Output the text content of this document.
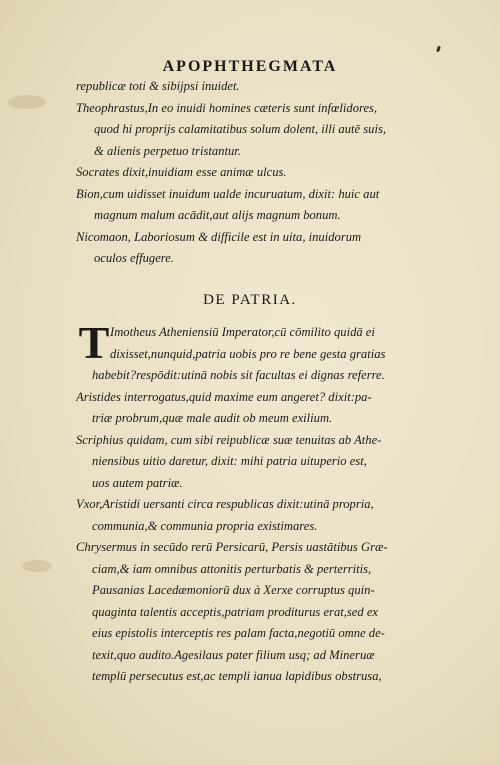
APOPHTHEGMATA
republicæ toti & sibijpsi inuidet.
Theophrastus,In eo inuidi homines cæteris sunt infœlidores,
quod hi proprijs calamitatibus solum dolent, illi autē suis,
& alienis perpetuo tristantur.
Socrates dixit,inuidiam esse animæ ulcus.
Bion,cum uidisset inuidum ualde incuruatum, dixit: huic aut
magnum malum acādit,aut alijs magnum bonum.
Nicomaon, Laboriosum & difficile est in uita, inuidorum
oculos effugere.
DE PATRIA.
T Imotheus Atheniensiū Imperator,cū cōmilito quidā ei
dixisset,nunquid,patria uobis pro re bene gesta gratias
habebit?respōdit:utinā nobis sit facultas ei dignas referre.
Aristides interrogatus,quid maxime eum angeret? dixit:pa‑
triæ probrum,quæ male audit ob meum exilium.
Scriphius quidam, cum sibi reipublicæ suæ tenuitas ab Athe‑
niensibus uitio daretur, dixit: mihi patria uituperio est,
uos autem patriæ.
Vxor,Aristidi uersanti circa respublicas dixit:utinā propria,
communia,& communia propria existimares.
Chrysermus in secūdo rerū Persicarū, Persis uastātibus Græ‑
ciam,& iam omnibus attonitis perturbatis & perterritis,
Pausanias Lacedæmoniorū dux à Xerxe corruptus quin‑
quaginta talentis acceptis,patriam proditurus erat,sed ex
eius epistolis interceptis res palam facta,negotiū omne de‑
texit,quo audito.Agesilaus pater filium usq; ad Mineruæ
templū persecutus est,ac templi ianua lapidibus obstrusa,
